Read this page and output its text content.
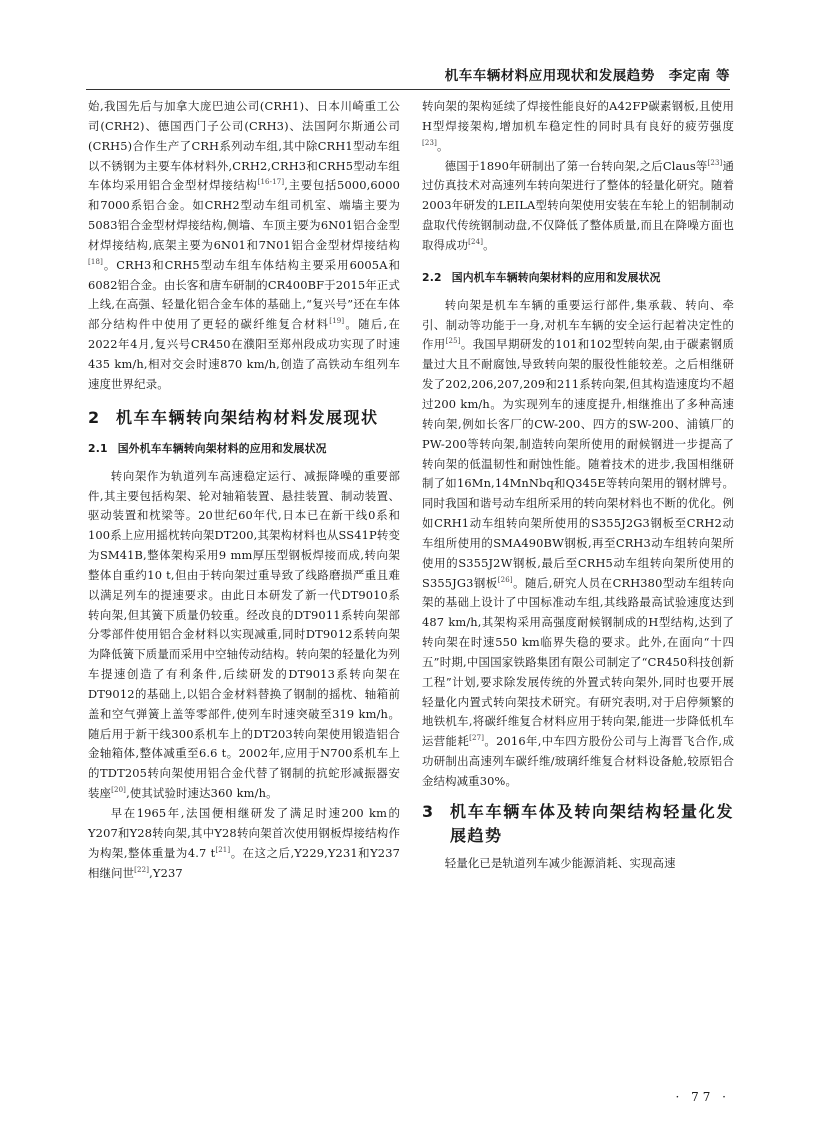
机车车辆材料应用现状和发展趋势　李定南 等

始,我国先后与加拿大庞巴迪公司(CRH1)、日本川崎重工公司(CRH2)、德国西门子公司(CRH3)、法国阿尔斯通公司(CRH5)合作生产了CRH系列动车组,其中除CRH1型动车组以不锈钢为主要车体材料外,CRH2,CRH3和CRH5型动车组车体均采用铝合金型材焊接结构[16-17],主要包括5000,6000和7000系铝合金。如CRH2型动车组司机室、端墙主要为5083铝合金型材焊接结构,侧墙、车顶主要为6N01铝合金型材焊接结构,底架主要为6N01和7N01铝合金型材焊接结构[18]。CRH3和CRH5型动车组车体结构主要采用6005A和6082铝合金。由长客和唐车研制的CR400BF于2015年正式上线,在高强、轻量化铝合金车体的基础上,“复兴号”还在车体部分结构件中使用了更轻的碳纤维复合材料[19]。随后,在2022年4月,复兴号CR450在濮阳至郑州段成功实现了时速435 km/h,相对交会时速870 km/h,创造了高铁动车组列车速度世界纪录。

2 机车车辆转向架结构材料发展现状
2.1 国外机车车辆转向架材料的应用和发展状况

转向架作为轨道列车高速稳定运行、减振降噪的重要部件,其主要包括构架、轮对轴箱装置、悬挂装置、制动装置、驱动装置和枕梁等。20世纪60年代,日本已在新干线0系和100系上应用摇枕转向架DT200,其架构材料也从SS41P转变为SM41B,整体架构采用9 mm厚压型钢板焊接而成,转向架整体自重约10 t,但由于转向架过重导致了线路磨损严重且难以满足列车的提速要求。由此日本研发了新一代DT9010系转向架,但其簧下质量仍较重。经改良的DT9011系转向架部分零部件使用铝合金材料以实现减重,同时DT9012系转向架为降低簧下质量而采用中空轴传动结构。转向架的轻量化为列车提速创造了有利条件,后续研发的DT9013系转向架在DT9012的基础上,以铝合金材料替换了钢制的摇枕、轴箱前盖和空气弹簧上盖等零部件,使列车时速突破至319 km/h。随后用于新干线300系机车上的DT203转向架使用锻造铝合金轴箱体,整体减重至6.6 t。2002年,应用于N700系机车上的TDT205转向架使用铝合金代替了钢制的抗蛇形减振器安装座[20],使其试验时速达360 km/h。

早在1965年,法国便相继研发了满足时速200 km的Y207和Y28转向架,其中Y28转向架首次使用钢板焊接结构作为构架,整体重量为4.7 t[21]。在这之后,Y229,Y231和Y237相继问世[22],Y237

转向架的架构延续了焊接性能良好的A42FP碳素钢板,且使用H型焊接架构,增加机车稳定性的同时具有良好的疲劳强度[23]。

德国于1890年研制出了第一台转向架,之后Claus等[23]通过仿真技术对高速列车转向架进行了整体的轻量化研究。随着2003年研发的LEILA型转向架使用安装在车轮上的铝制制动盘取代传统钢制动盘,不仅降低了整体质量,而且在降噪方面也取得成功[24]。

2.2 国内机车车辆转向架材料的应用和发展状况

转向架是机车车辆的重要运行部件,集承载、转向、牵引、制动等功能于一身,对机车车辆的安全运行起着决定性的作用[25]。我国早期研发的101和102型转向架,由于碳素钢质量过大且不耐腐蚀,导致转向架的服役性能较差。之后相继研发了202,206,207,209和211系转向架,但其构造速度均不超过200 km/h。为实现列车的速度提升,相继推出了多种高速转向架,例如长客厂的CW-200、四方的SW-200、浦镇厂的PW-200等转向架,制造转向架所使用的耐候钢进一步提高了转向架的低温韧性和耐蚀性能。随着技术的进步,我国相继研制了如16Mn,14MnNbq和Q345E等转向架用的钢材牌号。同时我国和谐号动车组所采用的转向架材料也不断的优化。例如CRH1动车组转向架所使用的S355J2G3钢板至CRH2动车组所使用的SMA490BW钢板,再至CRH3动车组转向架所使用的S355J2W钢板,最后至CRH5动车组转向架所使用的S355JG3钢板[26]。随后,研究人员在CRH380型动车组转向架的基础上设计了中国标准动车组,其线路最高试验速度达到487 km/h,其架构采用高强度耐候钢制成的H型结构,达到了转向架在时速550 km临界失稳的要求。此外,在面向“十四五”时期,中国国家铁路集团有限公司制定了“CR450科技创新工程”计划,要求除发展传统的外置式转向架外,同时也要开展轻量化内置式转向架技术研究。有研究表明,对于启停频繁的地铁机车,将碳纤维复合材料应用于转向架,能进一步降低机车运营能耗[27]。2016年,中车四方股份公司与上海晋飞合作,成功研制出高速列车碳纤维/玻璃纤维复合材料设备舱,较原铝合金结构减重30%。

3 机车车辆车体及转向架结构轻量化发展趋势

轻量化已是轨道列车减少能源消耗、实现高速

· 77 ·
